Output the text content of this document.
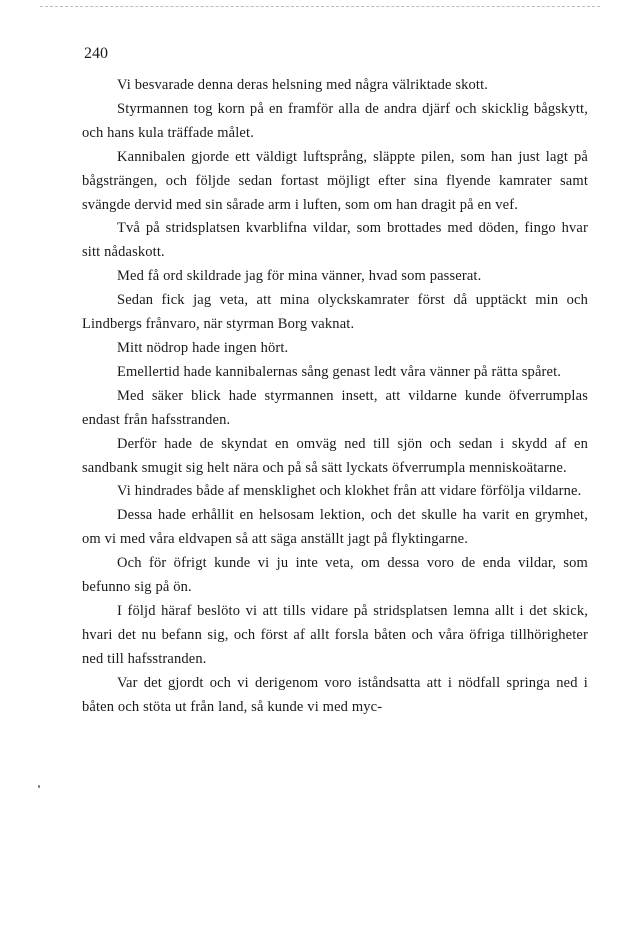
240

Vi besvarade denna deras helsning med några välriktade skott.

Styrmannen tog korn på en framför alla de andra djärf och skicklig bågskytt, och hans kula träffade målet.

Kannibalen gjorde ett väldigt luftsprång, släppte pilen, som han just lagt på bågsträngen, och följde sedan fortast möjligt efter sina flyende kamrater samt svängde dervid med sin sårade arm i luften, som om han dragit på en vef.

Två på stridsplatsen kvarblifna vildar, som brottades med döden, fingo hvar sitt nådaskott.

Med få ord skildrade jag för mina vänner, hvad som passerat.

Sedan fick jag veta, att mina olyckskamrater först då upptäckt min och Lindbergs frånvaro, när styrman Borg vaknat.

Mitt nödrop hade ingen hört.

Emellertid hade kannibalernas sång genast ledt våra vänner på rätta spåret.

Med säker blick hade styrmannen insett, att vildarne kunde öfverrumplas endast från hafsstranden.

Derför hade de skyndat en omväg ned till sjön och sedan i skydd af en sandbank smugit sig helt nära och på så sätt lyckats öfverrumpla menniskoätarne.

Vi hindrades både af mensklighet och klokhet från att vidare förfölja vildarne.

Dessa hade erhållit en helsosam lektion, och det skulle ha varit en grymhet, om vi med våra eldvapen så att säga anställt jagt på flyktingarne.

Och för öfrigt kunde vi ju inte veta, om dessa voro de enda vildar, som befunno sig på ön.

I följd häraf beslöto vi att tills vidare på stridsplatsen lemna allt i det skick, hvari det nu befann sig, och först af allt forsla båten och våra öfriga tillhörigheter ned till hafsstranden.

Var det gjordt och vi derigenom voro iståndsatta att i nödfall springa ned i båten och stöta ut från land, så kunde vi med myc-
